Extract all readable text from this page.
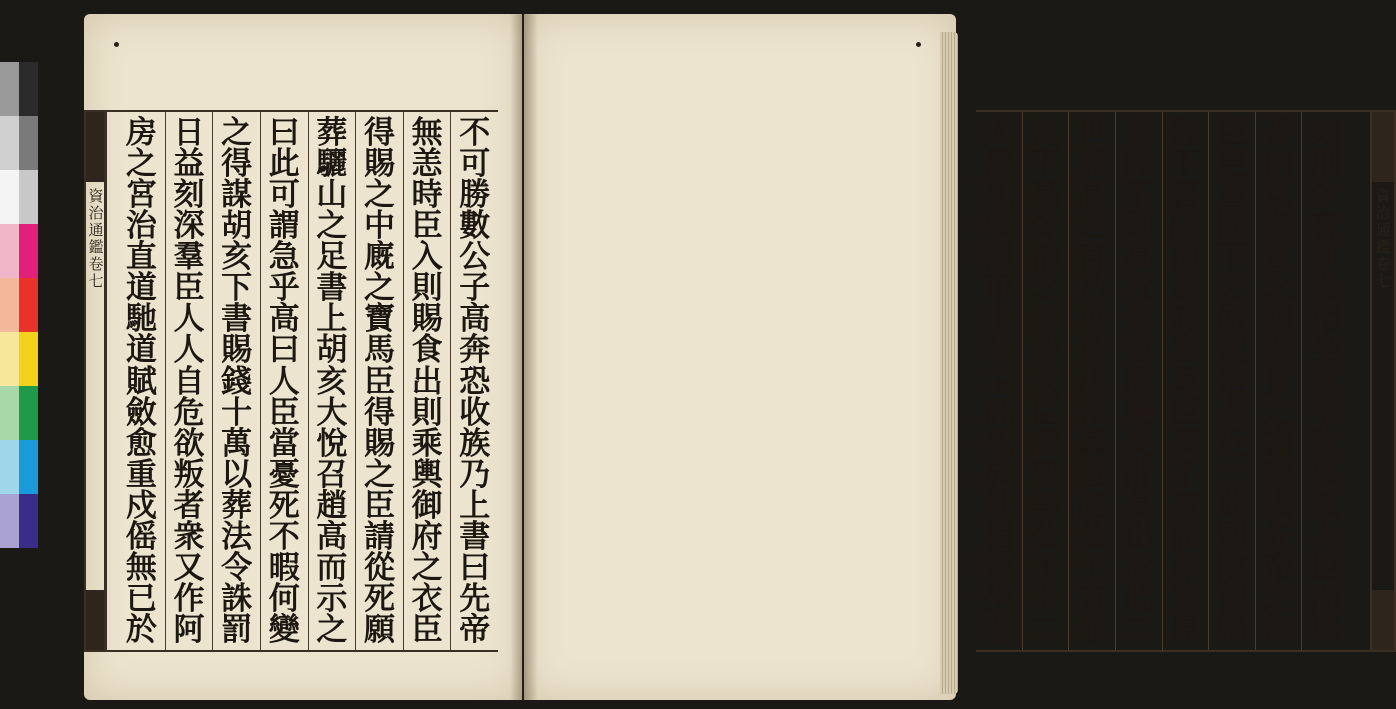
資治通鑑卷七
不
可
勝
數
公
子
高
奔
恐
收
族
乃
上
書
曰
先
帝
無
恙
時
臣
入
則
賜
食
出
則
乘
輿
御
府
之
衣
臣
得
賜
之
中
廐
之
寶
馬
臣
得
賜
之
臣
請
從
死
願
葬
驪
山
之
足
書
上
胡
亥
大
悅
召
趙
高
而
示
之
曰
此
可
謂
急
乎
高
曰
人
臣
當
憂
死
不
暇
何
變
之
得
謀
胡
亥
下
書
賜
錢
十
萬
以
葬
法
令
誅
罰
日
益
刻
深
羣
臣
人
人
自
危
欲
叛
者
衆
又
作
阿
房
之
宮
治
直
道
馳
道
賦
斂
愈
重
戍
傜
無
已
於
刻
刑
令
有
罪
者
相
坐
誅
至
收
族
滅
大
臣
而
遠
骨
肉
貧
者
富
之
賤
者
貴
之
盡
除
去
先
帝
之
故
臣
更
置
陛
下
之
所
親
信
者
近
之
此
則
陰
德
歸
陛
下
害
除
而
姦
謀
塞
羣
臣
莫
不
被
潤
澤
蒙
厚
德
陛
下
則
高
枕
肆
志
寵
樂
矣
計
莫
出
於
此
二
世
然
高
之
言
乃
更
爲
法
律
羣
臣
諸
公
子
有
罪
輒
下
高
令
治
之
誅
殺
大
臣
蒙
毅
等
公
子
十
二
人
僇
死
咸
陽
市
十
公
主
矺
死
於
杜
相
連
坐
者
資治通鑑卷七
